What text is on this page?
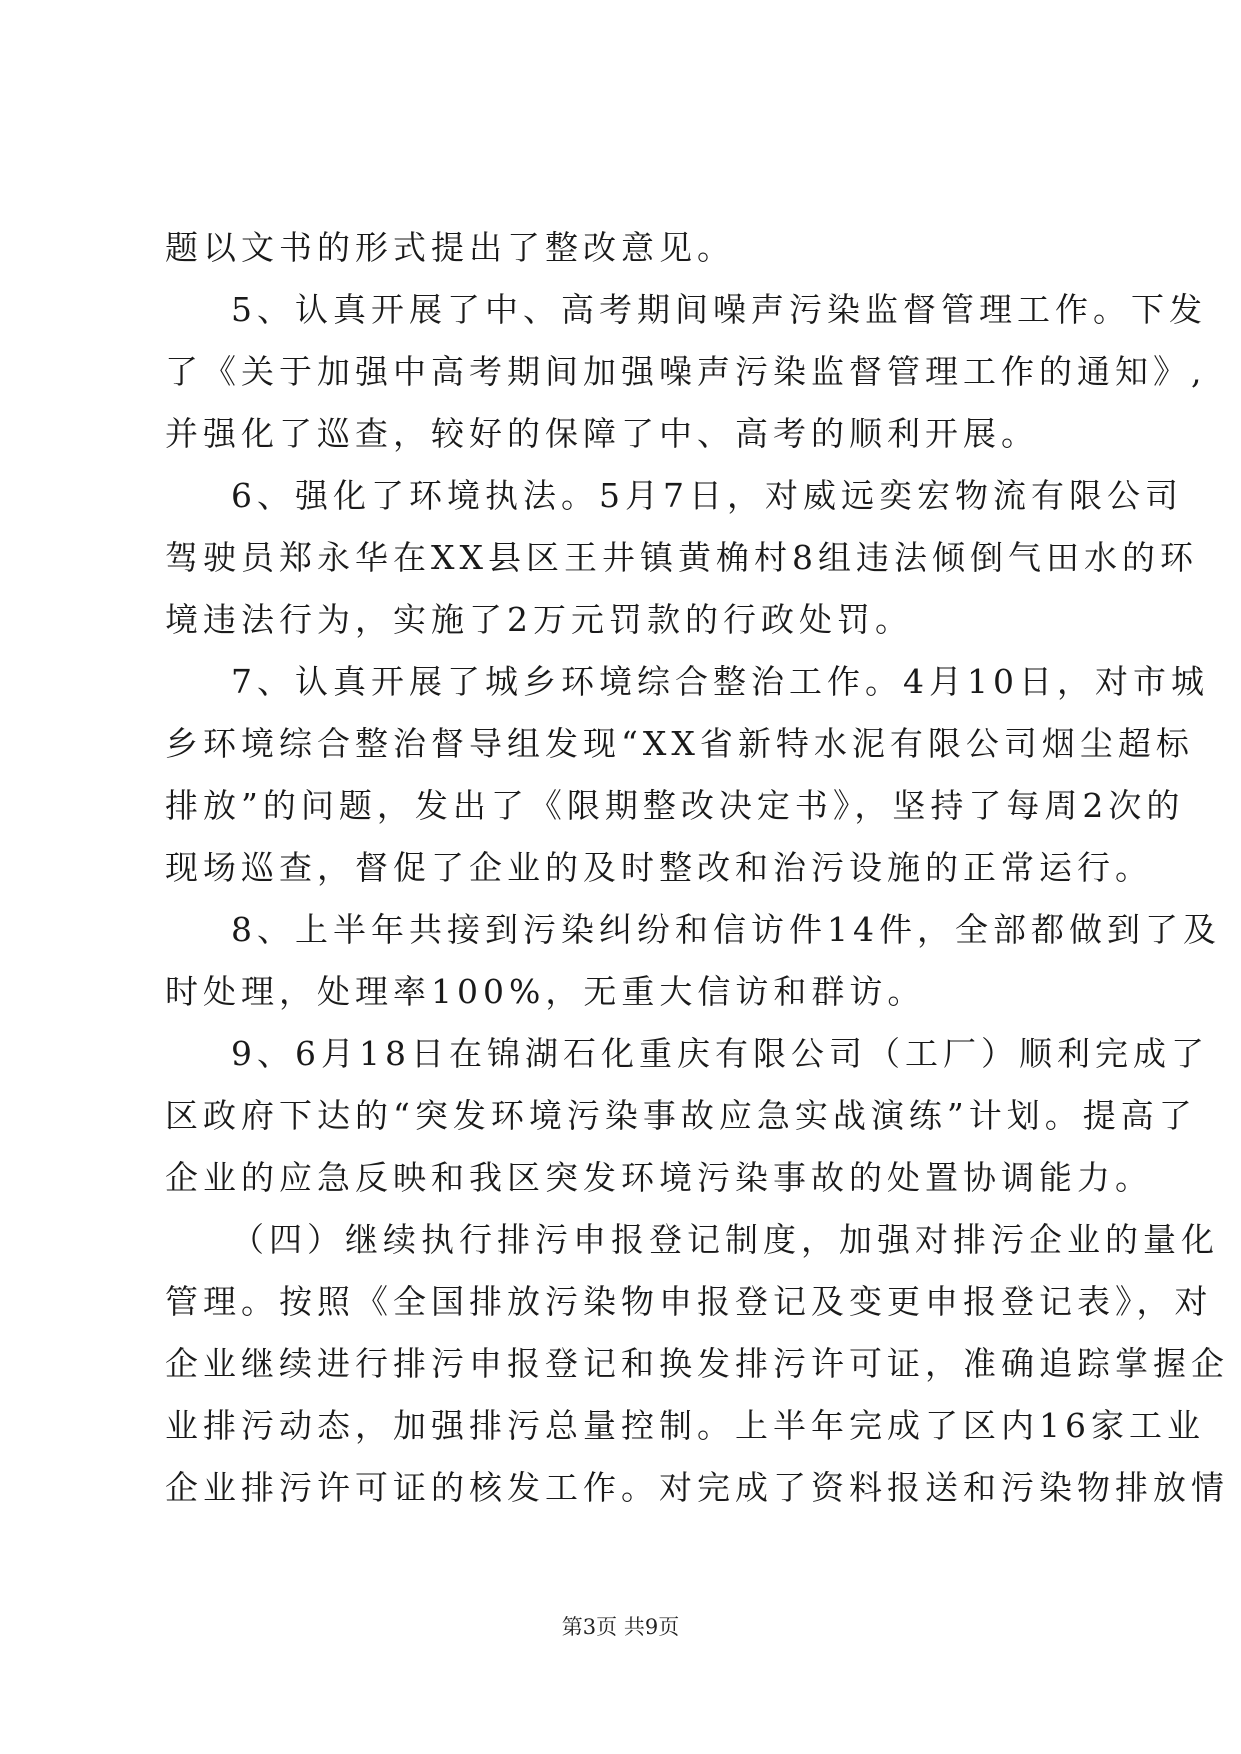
题以文书的形式提出了整改意见。
5、认真开展了中、高考期间噪声污染监督管理工作。下发
了《关于加强中高考期间加强噪声污染监督管理工作的通知》,
并强化了巡查，较好的保障了中、高考的顺利开展。
6、强化了环境执法。5月7日，对威远奕宏物流有限公司
驾驶员郑永华在XX县区王井镇黄桷村8组违法倾倒气田水的环
境违法行为，实施了2万元罚款的行政处罚。
7、认真开展了城乡环境综合整治工作。4月10日，对市城
乡环境综合整治督导组发现“XX省新特水泥有限公司烟尘超标
排放”的问题，发出了《限期整改决定书》，坚持了每周2次的
现场巡查，督促了企业的及时整改和治污设施的正常运行。
8、上半年共接到污染纠纷和信访件14件，全部都做到了及
时处理，处理率100%，无重大信访和群访。
9、6月18日在锦湖石化重庆有限公司（工厂）顺利完成了
区政府下达的“突发环境污染事故应急实战演练”计划。提高了
企业的应急反映和我区突发环境污染事故的处置协调能力。
（四）继续执行排污申报登记制度，加强对排污企业的量化
管理。按照《全国排放污染物申报登记及变更申报登记表》，对
企业继续进行排污申报登记和换发排污许可证，准确追踪掌握企
业排污动态，加强排污总量控制。上半年完成了区内16家工业
企业排污许可证的核发工作。对完成了资料报送和污染物排放情
第3页 共9页
